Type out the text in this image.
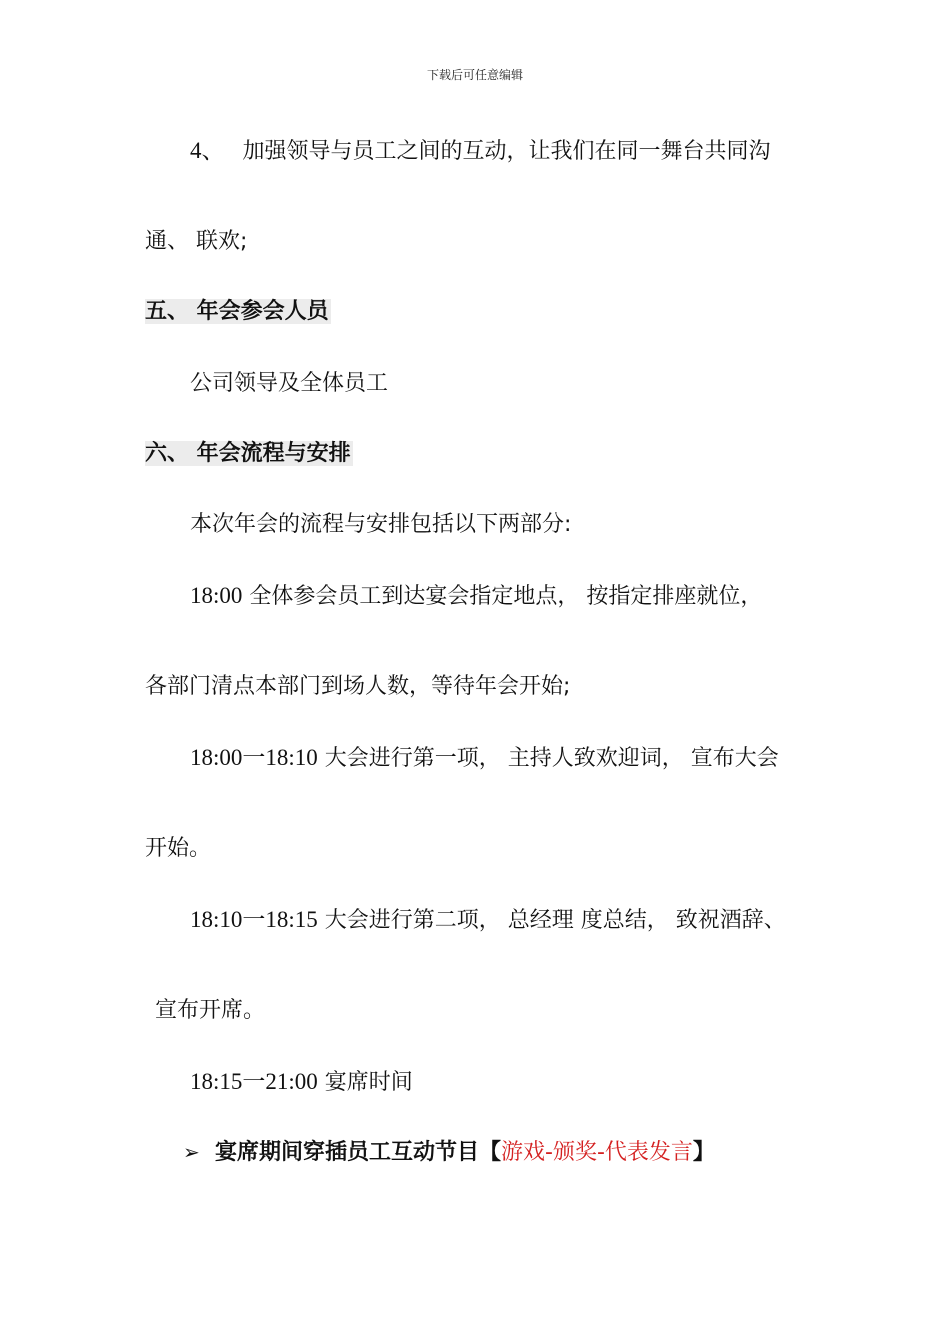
下载后可任意编辑
4、 加强领导与员工之间的互动，让我们在同一舞台共同沟
通、 联欢;
五、 年会参会人员
公司领导及全体员工
六、 年会流程与安排
本次年会的流程与安排包括以下两部分:
18:00 全体参会员工到达宴会指定地点， 按指定排座就位，
各部门清点本部门到场人数，等待年会开始;
18:00一18:10 大会进行第一项， 主持人致欢迎词， 宣布大会
开始。
18:10一18:15 大会进行第二项， 总经理 度总结， 致祝酒辞、
宣布开席。
18:15一21:00 宴席时间
➢ 宴席期间穿插员工互动节目【游戏-颁奖-代表发言】
